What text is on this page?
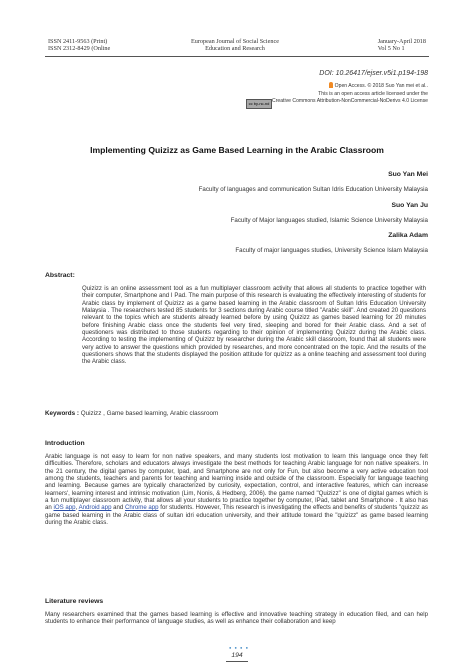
ISSN 2411-9563 (Print)
ISSN 2312-8429 (Online
European Journal of Social Science
Education and Research
January-April 2018
Vol 5 No 1
DOI: 10.26417/ejser.v5i1.p194-198
Open Access. © 2018 Suo Yan mei et al..
This is an open access article licensed under the
Creative Commons Attribution-NonCommercial-NoDerivs 4.0 License
cc by-nc-nd
Implementing Quizizz as Game Based Learning in the Arabic Classroom
Suo Yan Mei
Faculty of languages and communication Sultan Idris Education University Malaysia
Suo Yan Ju
Faculty of Major languages studied, Islamic Science University Malaysia
Zalika Adam
Faculty of major languages studies, University Science Islam Malaysia
Abstract:
Quizizz is an online assessment tool as a fun multiplayer classroom activity that allows all students to practice together with their computer, Smartphone and I Pad. The main purpose of this research is evaluating the effectively interesting of students for Arabic class by implement of Quizizz as a game based learning in the Arabic classroom of Sultan Idris Education University Malaysia . The researchers tested 85 students for 3 sections during Arabic course titled "Arabic skill". And created 20 questions relevant to the topics which are students already learned before by using Quizizz as games based learning for 20 minutes before finishing Arabic class once the students feel very tired, sleeping and bored for their Arabic class. And a set of questioners was distributed to those students regarding to their opinion of implementing Quizizz during the Arabic class. According to testing the implementing of Quizizz by researcher during the Arabic skill classroom, found that all students were very active to answer the questions which provided by researches, and more concentrated on the topic. And the results of the questioners shows that the students displayed the position attitude for quizizz as a online teaching and assessment tool during the Arabic class.
Keywords : Quizizz , Game based learning, Arabic classroom
Introduction
Arabic language is not easy to learn for non native speakers, and many students lost motivation to learn this language once they felt difficulties. Therefore, scholars and educators always investigate the best methods for teaching Arabic language for non native speakers. In the 21 century, the digital games by computer, Ipad, and Smartphone are not only for Fun, but also become a very active education tool among the students, teachers and parents for teaching and learning inside and outside of the classroom. Especially for language teaching and learning. Because games are typically characterized by curiosity, expectation, control, and interactive features, which can increase learners', learning interest and intrinsic motivation (Lim, Nonis, & Hedberg, 2006). the game named "Quizizz" is one of digital games which is a fun multiplayer classroom activity, that allows all your students to practice together by computer, IPad, tablet and Smartphone . It also has an iOS app, Android app and Chrome app for students. However, This research is investigating the effects and benefits of students "quizziz as game based learning in the Arabic class of sultan idri education university, and their attitude toward the "quizizz" as game based learning during the Arabic class.
Literature reviews
Many researchers examined that the games based learning is effective and innovative teaching strategy in education filed, and can help students to enhance their performance of language studies, as well as enhance their collaboration and keep
● ● ● ●
194
